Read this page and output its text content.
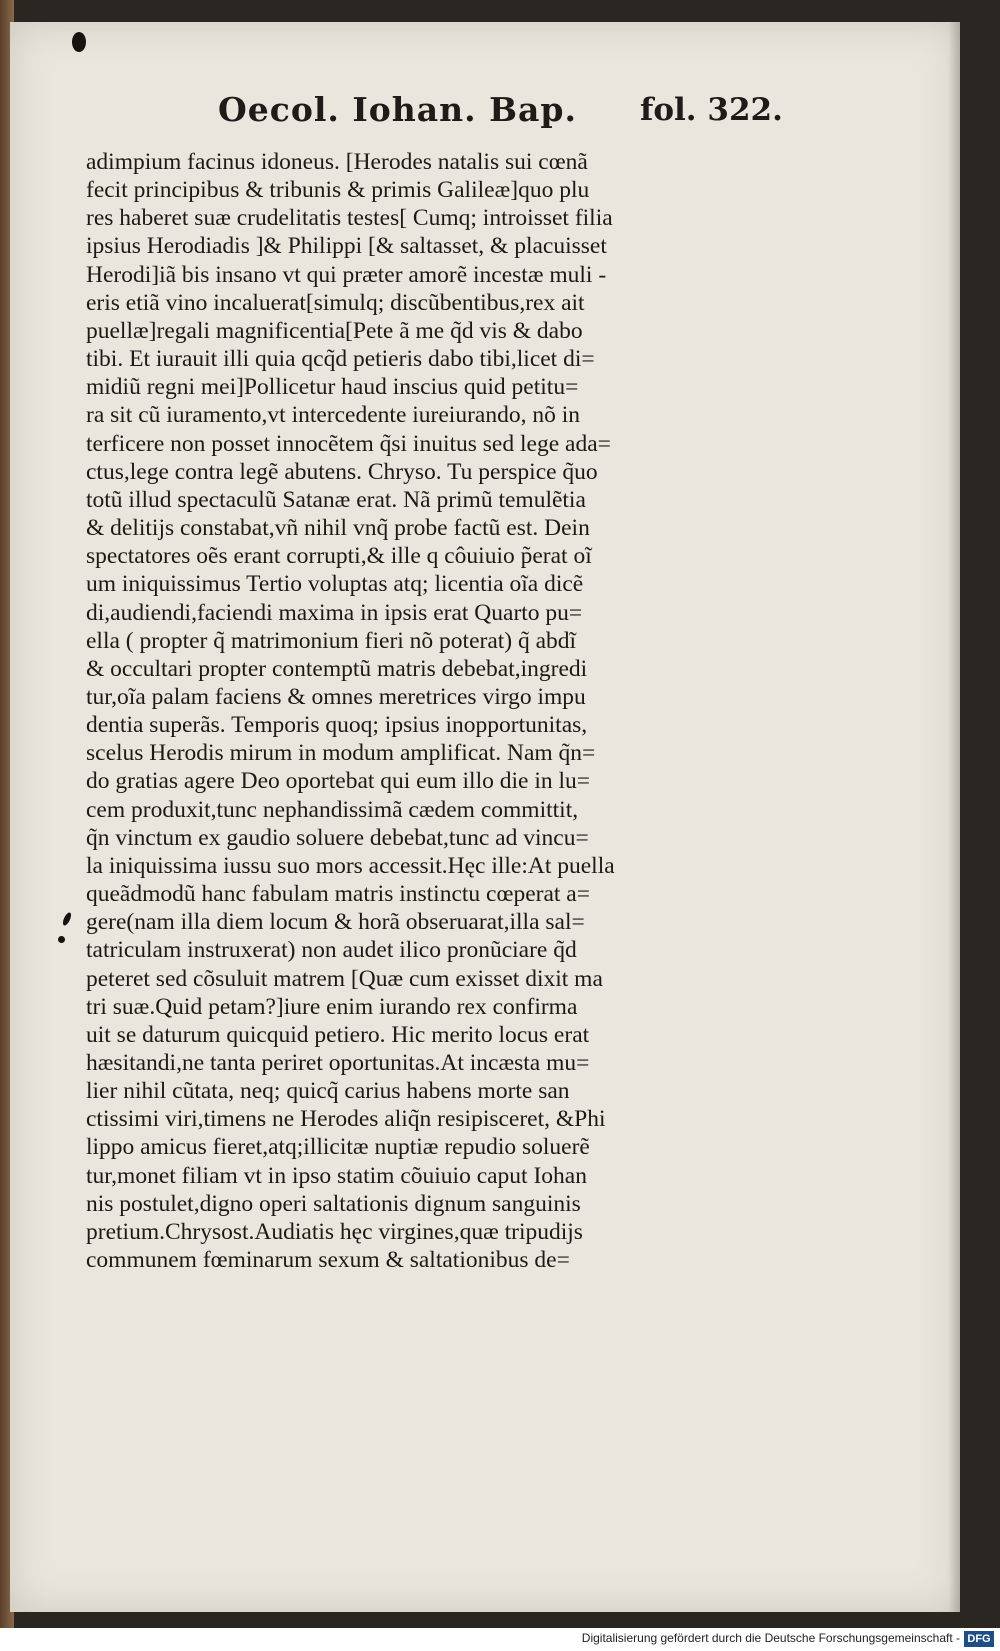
Oecol. Iohan. Bap. fol. 322.
adimpium facinus idoneus. [Herodes natalis sui cœnã
fecit principibus & tribunis & primis Galileæ]quo plu
res haberet suæ crudelitatis testes[ Cumq; introisset filia
ipsius Herodiadis ]& Philippi [& saltasset, & placuisset
Herodi]iã bis insano vt qui præter amorẽ incestæ muli -
eris etiã vino incaluerat[simulq; discũbentibus,rex ait
puellæ]regali magnificentia[Pete ã me q̃d vis & dabo
tibi. Et iurauit illi quia qcq̃d petieris dabo tibi,licet di=
midiũ regni mei]Pollicetur haud inscius quid petitu=
ra sit cũ iuramento,vt intercedente iureiurando, nõ in
terficere non posset innocẽtem q̃si inuitus sed lege ada=
ctus,lege contra legẽ abutens. Chryso. Tu perspice q̃uo
totũ illud spectaculũ Satanæ erat. Nã primũ temulẽtia
& delitijs constabat,vñ nihil vnq̃ probe factũ est. Dein
spectatores oẽs erant corrupti,& ille q côuiuio p̃erat oĩ
um iniquissimus Tertio voluptas atq; licentia oĩa dicẽ
di,audiendi,faciendi maxima in ipsis erat Quarto pu=
ella ( propter q̃ matrimonium fieri nõ poterat) q̃ abdĩ
& occultari propter contemptũ matris debebat,ingredi
tur,oĩa palam faciens & omnes meretrices virgo impu
dentia superãs. Temporis quoq; ipsius inopportunitas,
scelus Herodis mirum in modum amplificat. Nam q̃n=
do gratias agere Deo oportebat qui eum illo die in lu=
cem produxit,tunc nephandissimã cædem committit,
q̃n vinctum ex gaudio soluere debebat,tunc ad vincu=
la iniquissima iussu suo mors accessit.Hęc ille:At puella
queãdmodũ hanc fabulam matris instinctu cœperat a=
gere(nam illa diem locum & horã obseruarat,illa sal=
tatriculam instruxerat) non audet ilico pronũciare q̃d
peteret sed cõsuluit matrem [Quæ cum exisset dixit ma
tri suæ.Quid petam?]iure enim iurando rex confirma
uit se daturum quicquid petiero. Hic merito locus erat
hæsitandi,ne tanta periret oportunitas.At incæsta mu=
lier nihil cũtata, neq; quicq̃ carius habens morte san
ctissimi viri,timens ne Herodes aliq̃n resipisceret, &Phi
lippo amicus fieret,atq;illicitæ nuptiæ repudio soluerẽ
tur,monet filiam vt in ipso statim cõuiuio caput Iohan
nis postulet,digno operi saltationis dignum sanguinis
pretium.Chrysost.Audiatis hęc virgines,quæ tripudijs
communem fœminarum sexum & saltationibus de=
Digitalisierung gefördert durch die Deutsche Forschungsgemeinschaft - DFG
